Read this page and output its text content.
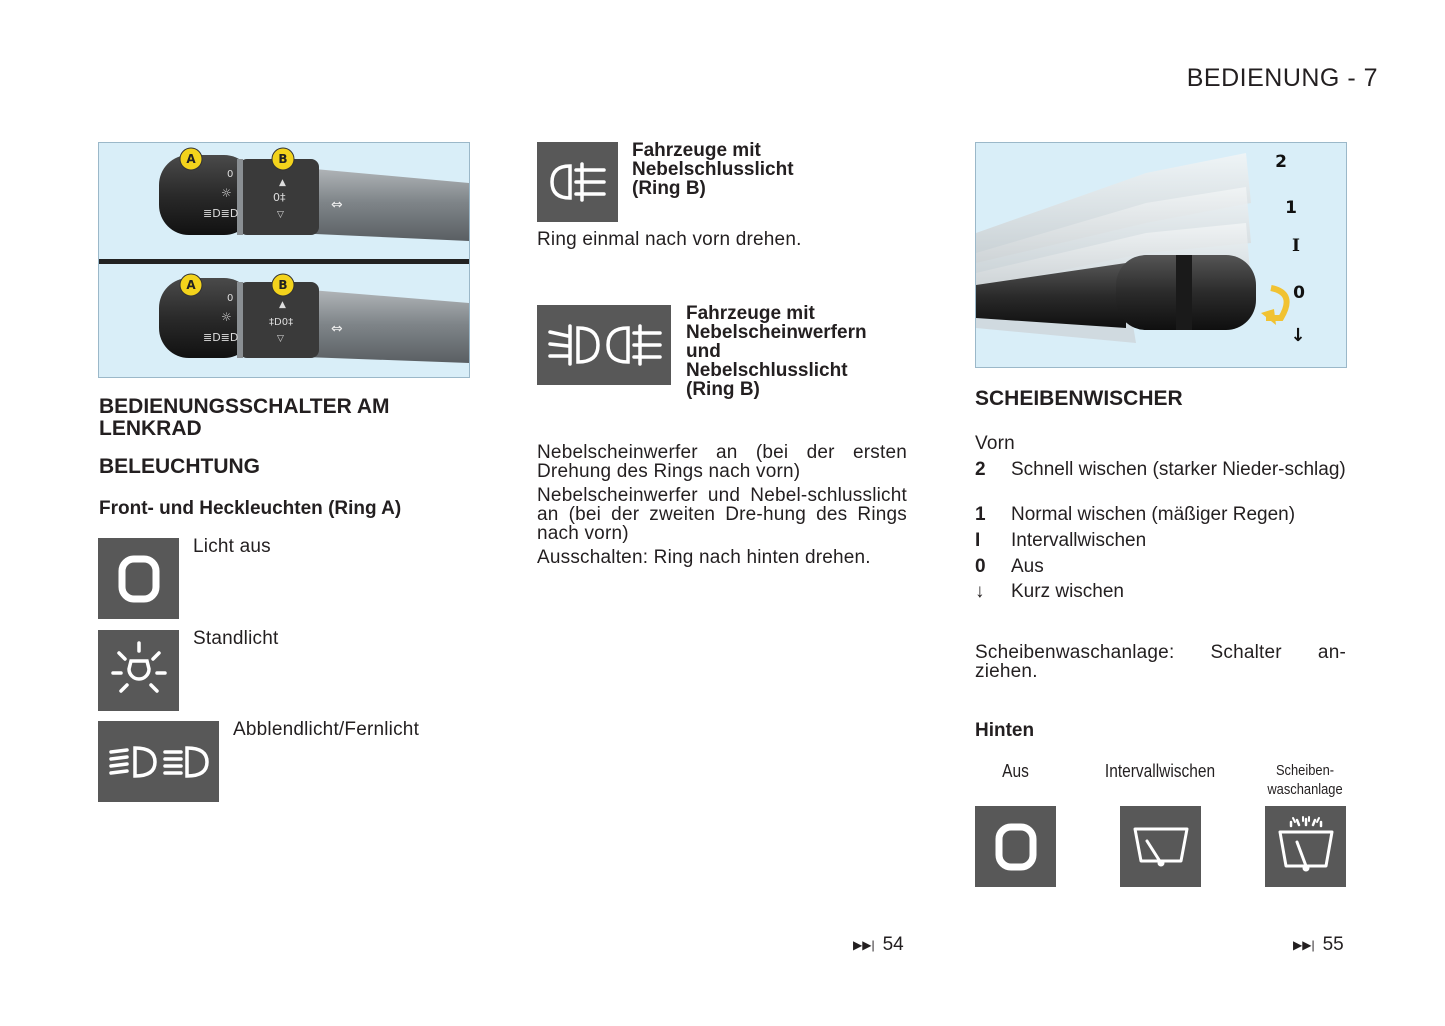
BEDIENUNG - 7
0
☼
≣D≣D
▲
0‡
▽
⇔
0
☼
≣D≣D
▲
‡D0‡
▽
⇔
A	B
A	B
BEDIENUNGSSCHALTER AM LENKRAD
BELEUCHTUNG
Front- und Heckleuchten (Ring A)
Licht aus
Standlicht
Abblendlicht/Fernlicht
Fahrzeuge mit
Nebelschlusslicht
(Ring B)
Ring einmal nach vorn drehen.
Fahrzeuge mit
Nebelscheinwerfern
und
Nebelschlusslicht
(Ring B)
Nebelscheinwerfer an (bei der ersten Drehung des Rings nach vorn)
Nebelscheinwerfer und Nebel-schlusslicht an (bei der zweiten Dre-hung des Rings nach vorn)
Ausschalten: Ring nach hinten drehen.
▶▶| 54
2
1
I
0
↓
SCHEIBENWISCHER
Vorn
2 Schnell wischen (starker Nieder-schlag)
1 Normal wischen (mäßiger Regen)
I Intervallwischen
0 Aus
↓ Kurz wischen
Scheibenwaschanlage: Schalter an-ziehen.
Hinten
Aus	Intervallwischen	Scheiben-waschanlage
▶▶| 55
